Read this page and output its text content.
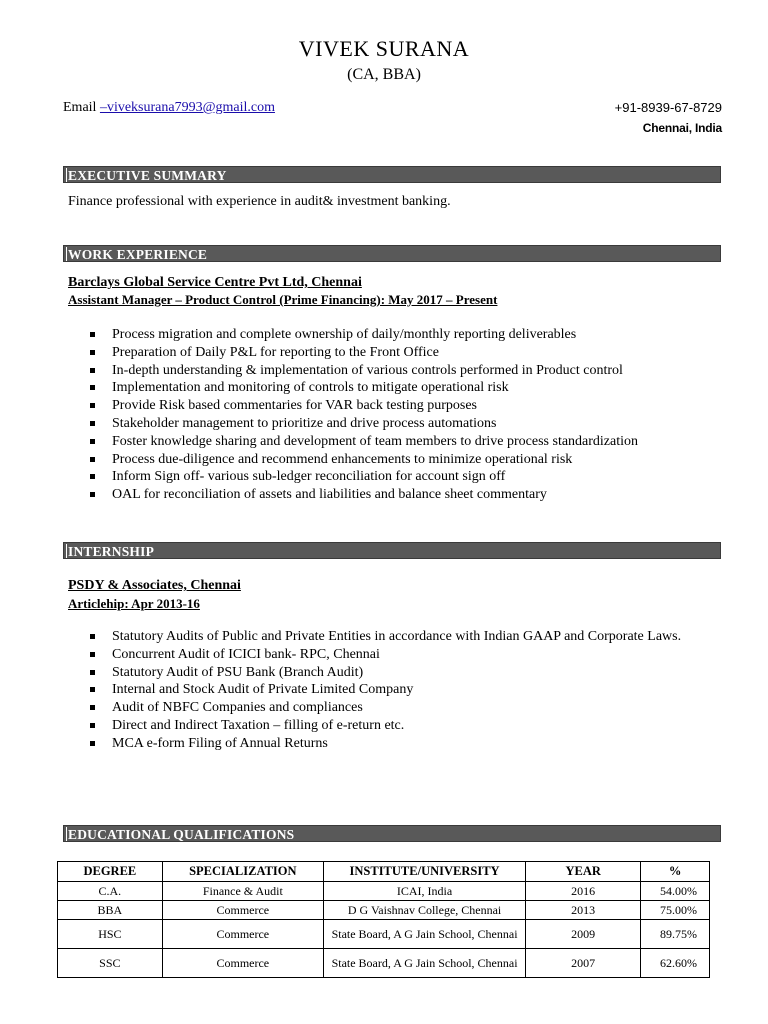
VIVEK SURANA
(CA, BBA)
Email –viveksurana7993@gmail.com	+91-8939-67-8729
Chennai, India
EXECUTIVE SUMMARY
Finance professional with experience in audit& investment banking.
WORK EXPERIENCE
Barclays Global Service Centre Pvt Ltd, Chennai
Assistant Manager – Product Control (Prime Financing): May 2017 – Present
Process migration and complete ownership of daily/monthly reporting deliverables
Preparation of Daily P&L for reporting to the Front Office
In-depth understanding & implementation of various controls performed in Product control
Implementation and monitoring of controls to mitigate operational risk
Provide Risk based commentaries for VAR back testing purposes
Stakeholder management to prioritize and drive process automations
Foster knowledge sharing and development of team members to drive process standardization
Process due-diligence and recommend enhancements to minimize operational risk
Inform Sign off- various sub-ledger reconciliation for account sign off
OAL for reconciliation of assets and liabilities and balance sheet commentary
INTERNSHIP
PSDY & Associates, Chennai
Articlehip: Apr 2013-16
Statutory Audits of Public and Private Entities in accordance with Indian GAAP and Corporate Laws.
Concurrent Audit of ICICI bank- RPC, Chennai
Statutory Audit of PSU Bank (Branch Audit)
Internal and Stock Audit of Private Limited Company
Audit of NBFC Companies and compliances
Direct and Indirect Taxation – filling of e-return etc.
MCA e-form Filing of Annual Returns
EDUCATIONAL QUALIFICATIONS
DEGREE	SPECIALIZATION	INSTITUTE/UNIVERSITY	YEAR	%
C.A.	Finance & Audit	ICAI, India	2016	54.00%
BBA	Commerce	D G Vaishnav College, Chennai	2013	75.00%
HSC	Commerce	State Board, A G Jain School, Chennai	2009	89.75%
SSC	Commerce	State Board, A G Jain School, Chennai	2007	62.60%
